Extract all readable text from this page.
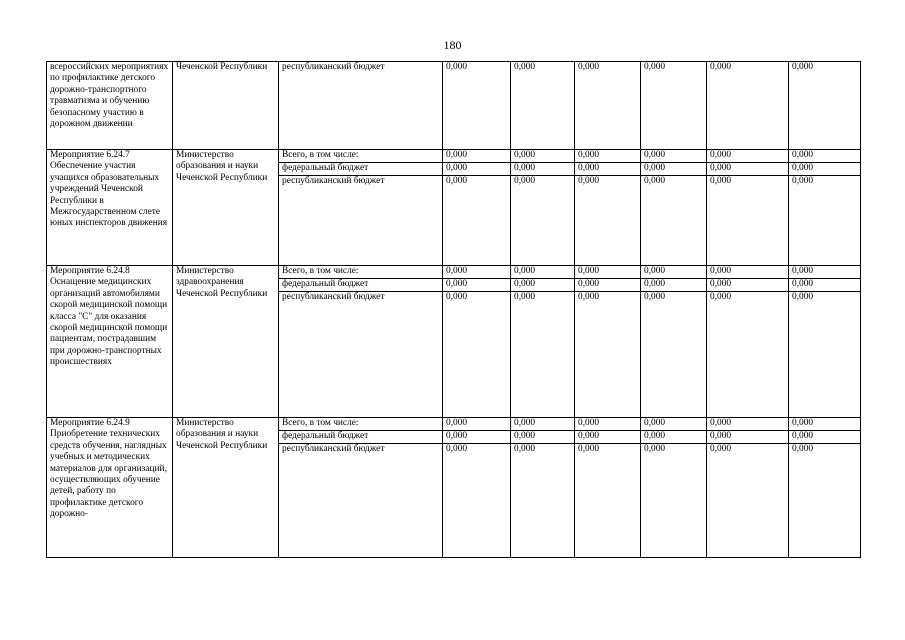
180
всероссийских мероприятиях по профилактике детского дорожно-транспортного травматизма и обучению безопасному участию в дорожном движении	Чеченской Республики	республиканский бюджет	0,000	0,000	0,000	0,000	0,000	0,000
Мероприятие 6.24.7 Обеспечение участия учащихся образовательных учреждений Чеченской Республики в Межгосударственном слете юных инспекторов движения	Министерство образования и науки Чеченской Республики	Всего, в том числе:	0,000	0,000	0,000	0,000	0,000	0,000
		федеральный бюджет	0,000	0,000	0,000	0,000	0,000	0,000
		республиканский бюджет	0,000	0,000	0,000	0,000	0,000	0,000
Мероприятие 6.24.8 Оснащение медицинских организаций автомобилями скорой медицинской помощи класса "С" для оказания скорой медицинской помощи пациентам, пострадавшим при дорожно-транспортных происшествиях	Министерство здравоохранения Чеченской Республики	Всего, в том числе:	0,000	0,000	0,000	0,000	0,000	0,000
		федеральный бюджет	0,000	0,000	0,000	0,000	0,000	0,000
		республиканский бюджет	0,000	0,000	0,000	0,000	0,000	0,000
Мероприятие 6.24.9 Приобретение технических средств обучения, наглядных учебных и методических материалов для организаций, осуществляющих обучение детей, работу по профилактике детского дорожно-	Министерство образования и науки Чеченской Республики	Всего, в том числе:	0,000	0,000	0,000	0,000	0,000	0,000
		федеральный бюджет	0,000	0,000	0,000	0,000	0,000	0,000
		республиканский бюджет	0,000	0,000	0,000	0,000	0,000	0,000
